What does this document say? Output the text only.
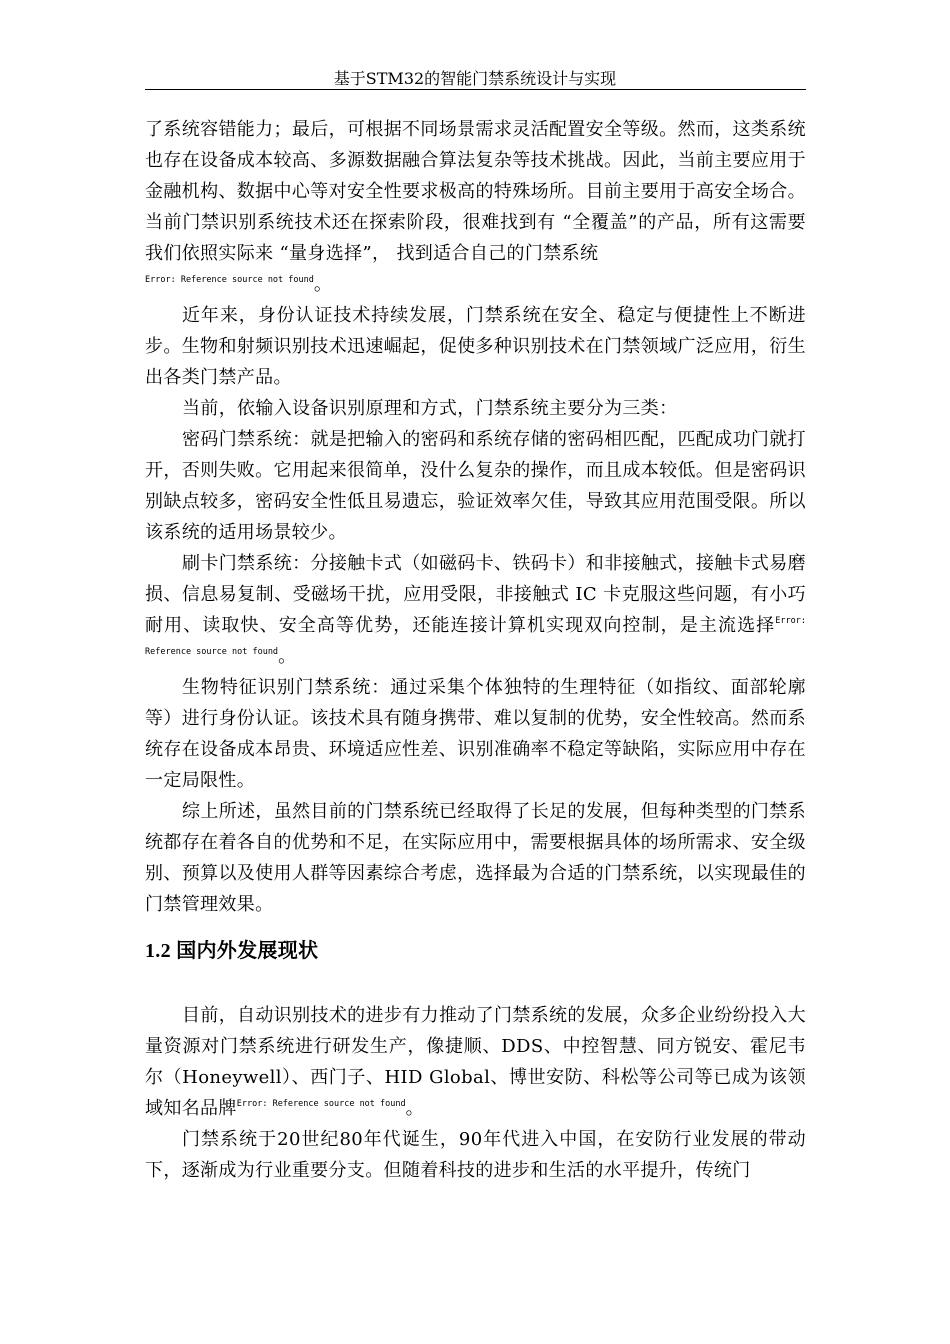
基于STM32的智能门禁系统设计与实现

了系统容错能力；最后，可根据不同场景需求灵活配置安全等级。然而，这类系统也存在设备成本较高、多源数据融合算法复杂等技术挑战。因此，当前主要应用于金融机构、数据中心等对安全性要求极高的特殊场所。目前主要用于高安全场合。当前门禁识别系统技术还在探索阶段，很难找到有 “全覆盖”的产品，所有这需要我们依照实际来 “量身选择”， 找到适合自己的门禁系统
$^{Error: Reference source not found}$。

近年来，身份认证技术持续发展，门禁系统在安全、稳定与便捷性上不断进步。生物和射频识别技术迅速崛起，促使多种识别技术在门禁领域广泛应用，衍生出各类门禁产品。

当前，依输入设备识别原理和方式，门禁系统主要分为三类：

密码门禁系统：就是把输入的密码和系统存储的密码相匹配，匹配成功门就打开，否则失败。它用起来很简单，没什么复杂的操作，而且成本较低。但是密码识别缺点较多，密码安全性低且易遗忘，验证效率欠佳，导致其应用范围受限。所以该系统的适用场景较少。

刷卡门禁系统：分接触卡式（如磁码卡、铁码卡）和非接触式，接触卡式易磨损、信息易复制、受磁场干扰，应用受限，非接触式 IC 卡克服这些问题，有小巧耐用、读取快、安全高等优势，还能连接计算机实现双向控制，是主流选择$^{Error: Reference source not found}$。

生物特征识别门禁系统：通过采集个体独特的生理特征（如指纹、面部轮廓等）进行身份认证。该技术具有随身携带、难以复制的优势，安全性较高。然而系统存在设备成本昂贵、环境适应性差、识别准确率不稳定等缺陷，实际应用中存在一定局限性。

综上所述，虽然目前的门禁系统已经取得了长足的发展，但每种类型的门禁系统都存在着各自的优势和不足，在实际应用中，需要根据具体的场所需求、安全级别、预算以及使用人群等因素综合考虑，选择最为合适的门禁系统，以实现最佳的门禁管理效果。

1.2 国内外发展现状

目前，自动识别技术的进步有力推动了门禁系统的发展，众多企业纷纷投入大量资源对门禁系统进行研发生产，像捷顺、DDS、中控智慧、同方锐安、霍尼韦尔（Honeywell）、西门子、HID Global、博世安防、科松等公司等已成为该领域知名品牌$^{Error: Reference source not found}$。

门禁系统于20世纪80年代诞生，90年代进入中国，在安防行业发展的带动下，逐渐成为行业重要分支。但随着科技的进步和生活的水平提升，传统门
